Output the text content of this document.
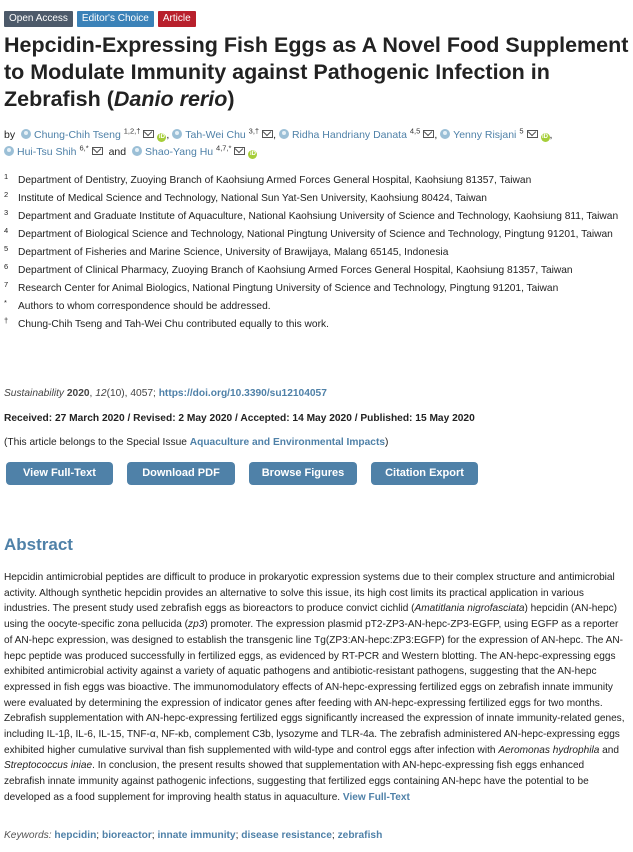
Open Access	Editor's Choice	Article
Hepcidin-Expressing Fish Eggs as A Novel Food Supplement to Modulate Immunity against Pathogenic Infection in Zebrafish (Danio rerio)
by Chung-Chih Tseng $^{1,2,\dagger}$iD , Tah-Wei Chu $^{3,\dagger}$ , Ridha Handriany Danata $^{4,5}$ , Yenny Risjani $^5$iD ,
Hui-Tsu Shih $^{6,*}$ and Shao-Yang Hu $^{4,7,*}$iD
1 Department of Dentistry, Zuoying Branch of Kaohsiung Armed Forces General Hospital, Kaohsiung 81357, Taiwan
2 Institute of Medical Science and Technology, National Sun Yat-Sen University, Kaohsiung 80424, Taiwan
3 Department and Graduate Institute of Aquaculture, National Kaohsiung University of Science and Technology, Kaohsiung 811, Taiwan
4 Department of Biological Science and Technology, National Pingtung University of Science and Technology, Pingtung 91201, Taiwan
5 Department of Fisheries and Marine Science, University of Brawijaya, Malang 65145, Indonesia
6 Department of Clinical Pharmacy, Zuoying Branch of Kaohsiung Armed Forces General Hospital, Kaohsiung 81357, Taiwan
7 Research Center for Animal Biologics, National Pingtung University of Science and Technology, Pingtung 91201, Taiwan
* Authors to whom correspondence should be addressed.
† Chung-Chih Tseng and Tah-Wei Chu contributed equally to this work.
Sustainability 2020, 12(10), 4057; https://doi.org/10.3390/su12104057
Received: 27 March 2020 / Revised: 2 May 2020 / Accepted: 14 May 2020 / Published: 15 May 2020
(This article belongs to the Special Issue Aquaculture and Environmental Impacts)
View Full-Text	Download PDF	Browse Figures	Citation Export
Abstract
Hepcidin antimicrobial peptides are difficult to produce in prokaryotic expression systems due to their complex structure and antimicrobial activity. Although synthetic hepcidin provides an alternative to solve this issue, its high cost limits its practical application in various industries. The present study used zebrafish eggs as bioreactors to produce convict cichlid (Amatitlania nigrofasciata) hepcidin (AN-hepc) using the oocyte-specific zona pellucida (zp3) promoter. The expression plasmid pT2-ZP3-AN-hepc-ZP3-EGFP, using EGFP as a reporter of AN-hepc expression, was designed to establish the transgenic line Tg(ZP3:AN-hepc:ZP3:EGFP) for the expression of AN-hepc. The AN-hepc peptide was produced successfully in fertilized eggs, as evidenced by RT-PCR and Western blotting. The AN-hepc-expressing eggs exhibited antimicrobial activity against a variety of aquatic pathogens and antibiotic-resistant pathogens, suggesting that the AN-hepc expressed in fish eggs was bioactive. The immunomodulatory effects of AN-hepc-expressing fertilized eggs on zebrafish innate immunity were evaluated by determining the expression of indicator genes after feeding with AN-hepc-expressing fertilized eggs for two months. Zebrafish supplementation with AN-hepc-expressing fertilized eggs significantly increased the expression of innate immunity-related genes, including IL-1β, IL-6, IL-15, TNF-α, NF-κb, complement C3b, lysozyme and TLR-4a. The zebrafish administered AN-hepc-expressing eggs exhibited higher cumulative survival than fish supplemented with wild-type and control eggs after infection with Aeromonas hydrophila and Streptococcus iniae. In conclusion, the present results showed that supplementation with AN-hepc-expressing fish eggs enhanced zebrafish innate immunity against pathogenic infections, suggesting that fertilized eggs containing AN-hepc have the potential to be developed as a food supplement for improving health status in aquaculture. View Full-Text
Keywords: hepcidin; bioreactor; innate immunity; disease resistance; zebrafish
